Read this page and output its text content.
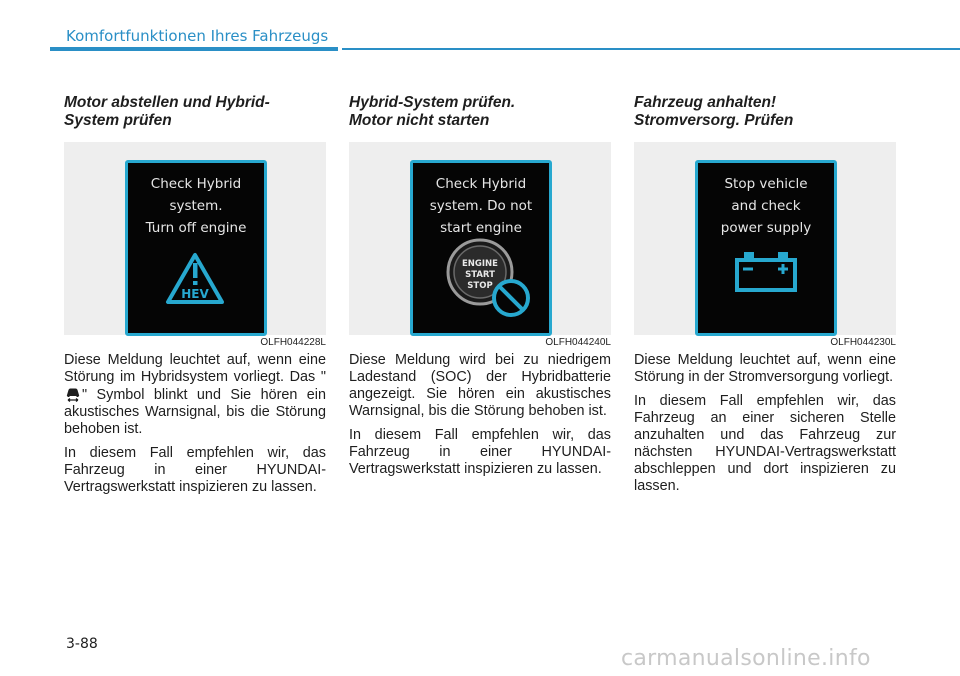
Komfortfunktionen Ihres Fahrzeugs
Motor abstellen und Hybrid-
System prüfen
Check Hybrid
system.
Turn off engine
HEV
OLFH044228L

Diese Meldung leuchtet auf, wenn eine Störung im Hybridsystem vorliegt. Das "" Symbol blinkt und Sie hören ein akustisches Warnsignal, bis die Störung behoben ist.

In diesem Fall empfehlen wir, das Fahrzeug in einer HYUNDAI-Vertragswerkstatt inspizieren zu lassen.

Hybrid-System prüfen.
Motor nicht starten
Check Hybrid
system. Do not
start engine
ENGINE
START
STOP
OLFH044240L

Diese Meldung wird bei zu niedrigem Ladestand (SOC) der Hybridbatterie angezeigt. Sie hören ein akustisches Warnsignal, bis die Störung behoben ist.

In diesem Fall empfehlen wir, das Fahrzeug in einer HYUNDAI-Vertragswerkstatt inspizieren zu lassen.

Fahrzeug anhalten!
Stromversorg. Prüfen
Stop vehicle
and check
power supply
OLFH044230L

Diese Meldung leuchtet auf, wenn eine Störung in der Stromversorgung vorliegt.

In diesem Fall empfehlen wir, das Fahrzeug an einer sicheren Stelle anzuhalten und das Fahrzeug zur nächsten HYUNDAI-Vertragswerkstatt abschleppen und dort inspizieren zu lassen.

3-88
carmanualsonline.info
